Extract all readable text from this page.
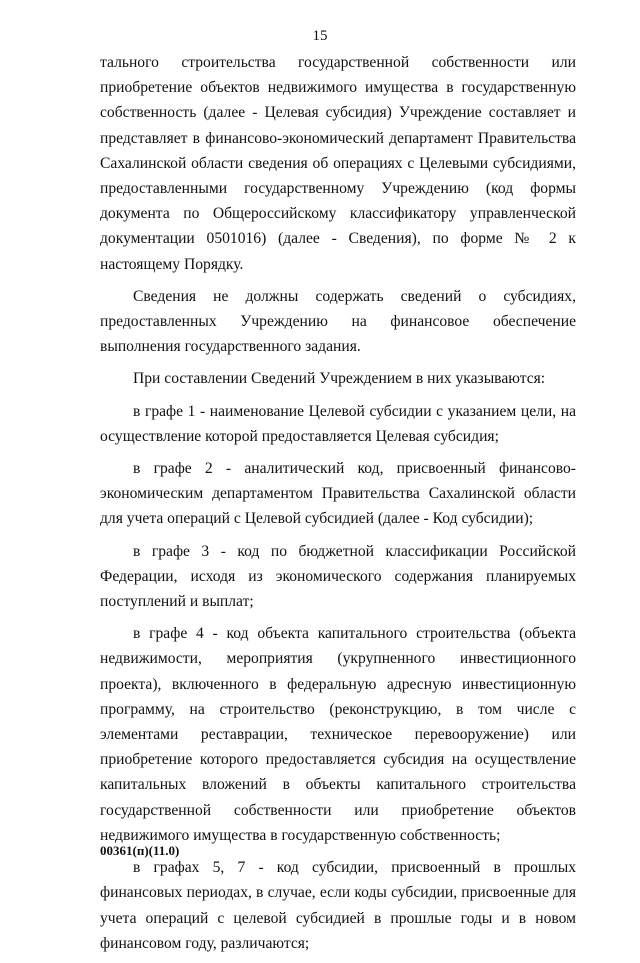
15

тального строительства государственной собственности или приобретение объектов недвижимого имущества в государственную собственность (далее - Целевая субсидия) Учреждение составляет и представляет в финансово-экономический департамент Правительства Сахалинской области сведения об операциях с Целевыми субсидиями, предоставленными государственному Учреждению (код формы документа по Общероссийскому классификатору управленческой документации 0501016) (далее - Сведения), по форме № 2 к настоящему Порядку.

Сведения не должны содержать сведений о субсидиях, предоставленных Учреждению на финансовое обеспечение выполнения государственного задания.

При составлении Сведений Учреждением в них указываются:

в графе 1 - наименование Целевой субсидии с указанием цели, на осуществление которой предоставляется Целевая субсидия;

в графе 2 - аналитический код, присвоенный финансово-экономическим департаментом Правительства Сахалинской области для учета операций с Целевой субсидией (далее - Код субсидии);

в графе 3 - код по бюджетной классификации Российской Федерации, исходя из экономического содержания планируемых поступлений и выплат;

в графе 4 - код объекта капитального строительства (объекта недвижимости, мероприятия (укрупненного инвестиционного проекта), включенного в федеральную адресную инвестиционную программу, на строительство (реконструкцию, в том числе с элементами реставрации, техническое перевооружение) или приобретение которого предоставляется субсидия на осуществление капитальных вложений в объекты капитального строительства государственной собственности или приобретение объектов недвижимого имущества в государственную собственность;

в графах 5, 7 - код субсидии, присвоенный в прошлых финансовых периодах, в случае, если коды субсидии, присвоенные для учета операций с целевой субсидией в прошлые годы и в новом финансовом году, различаются;

00361(п)(11.0)
